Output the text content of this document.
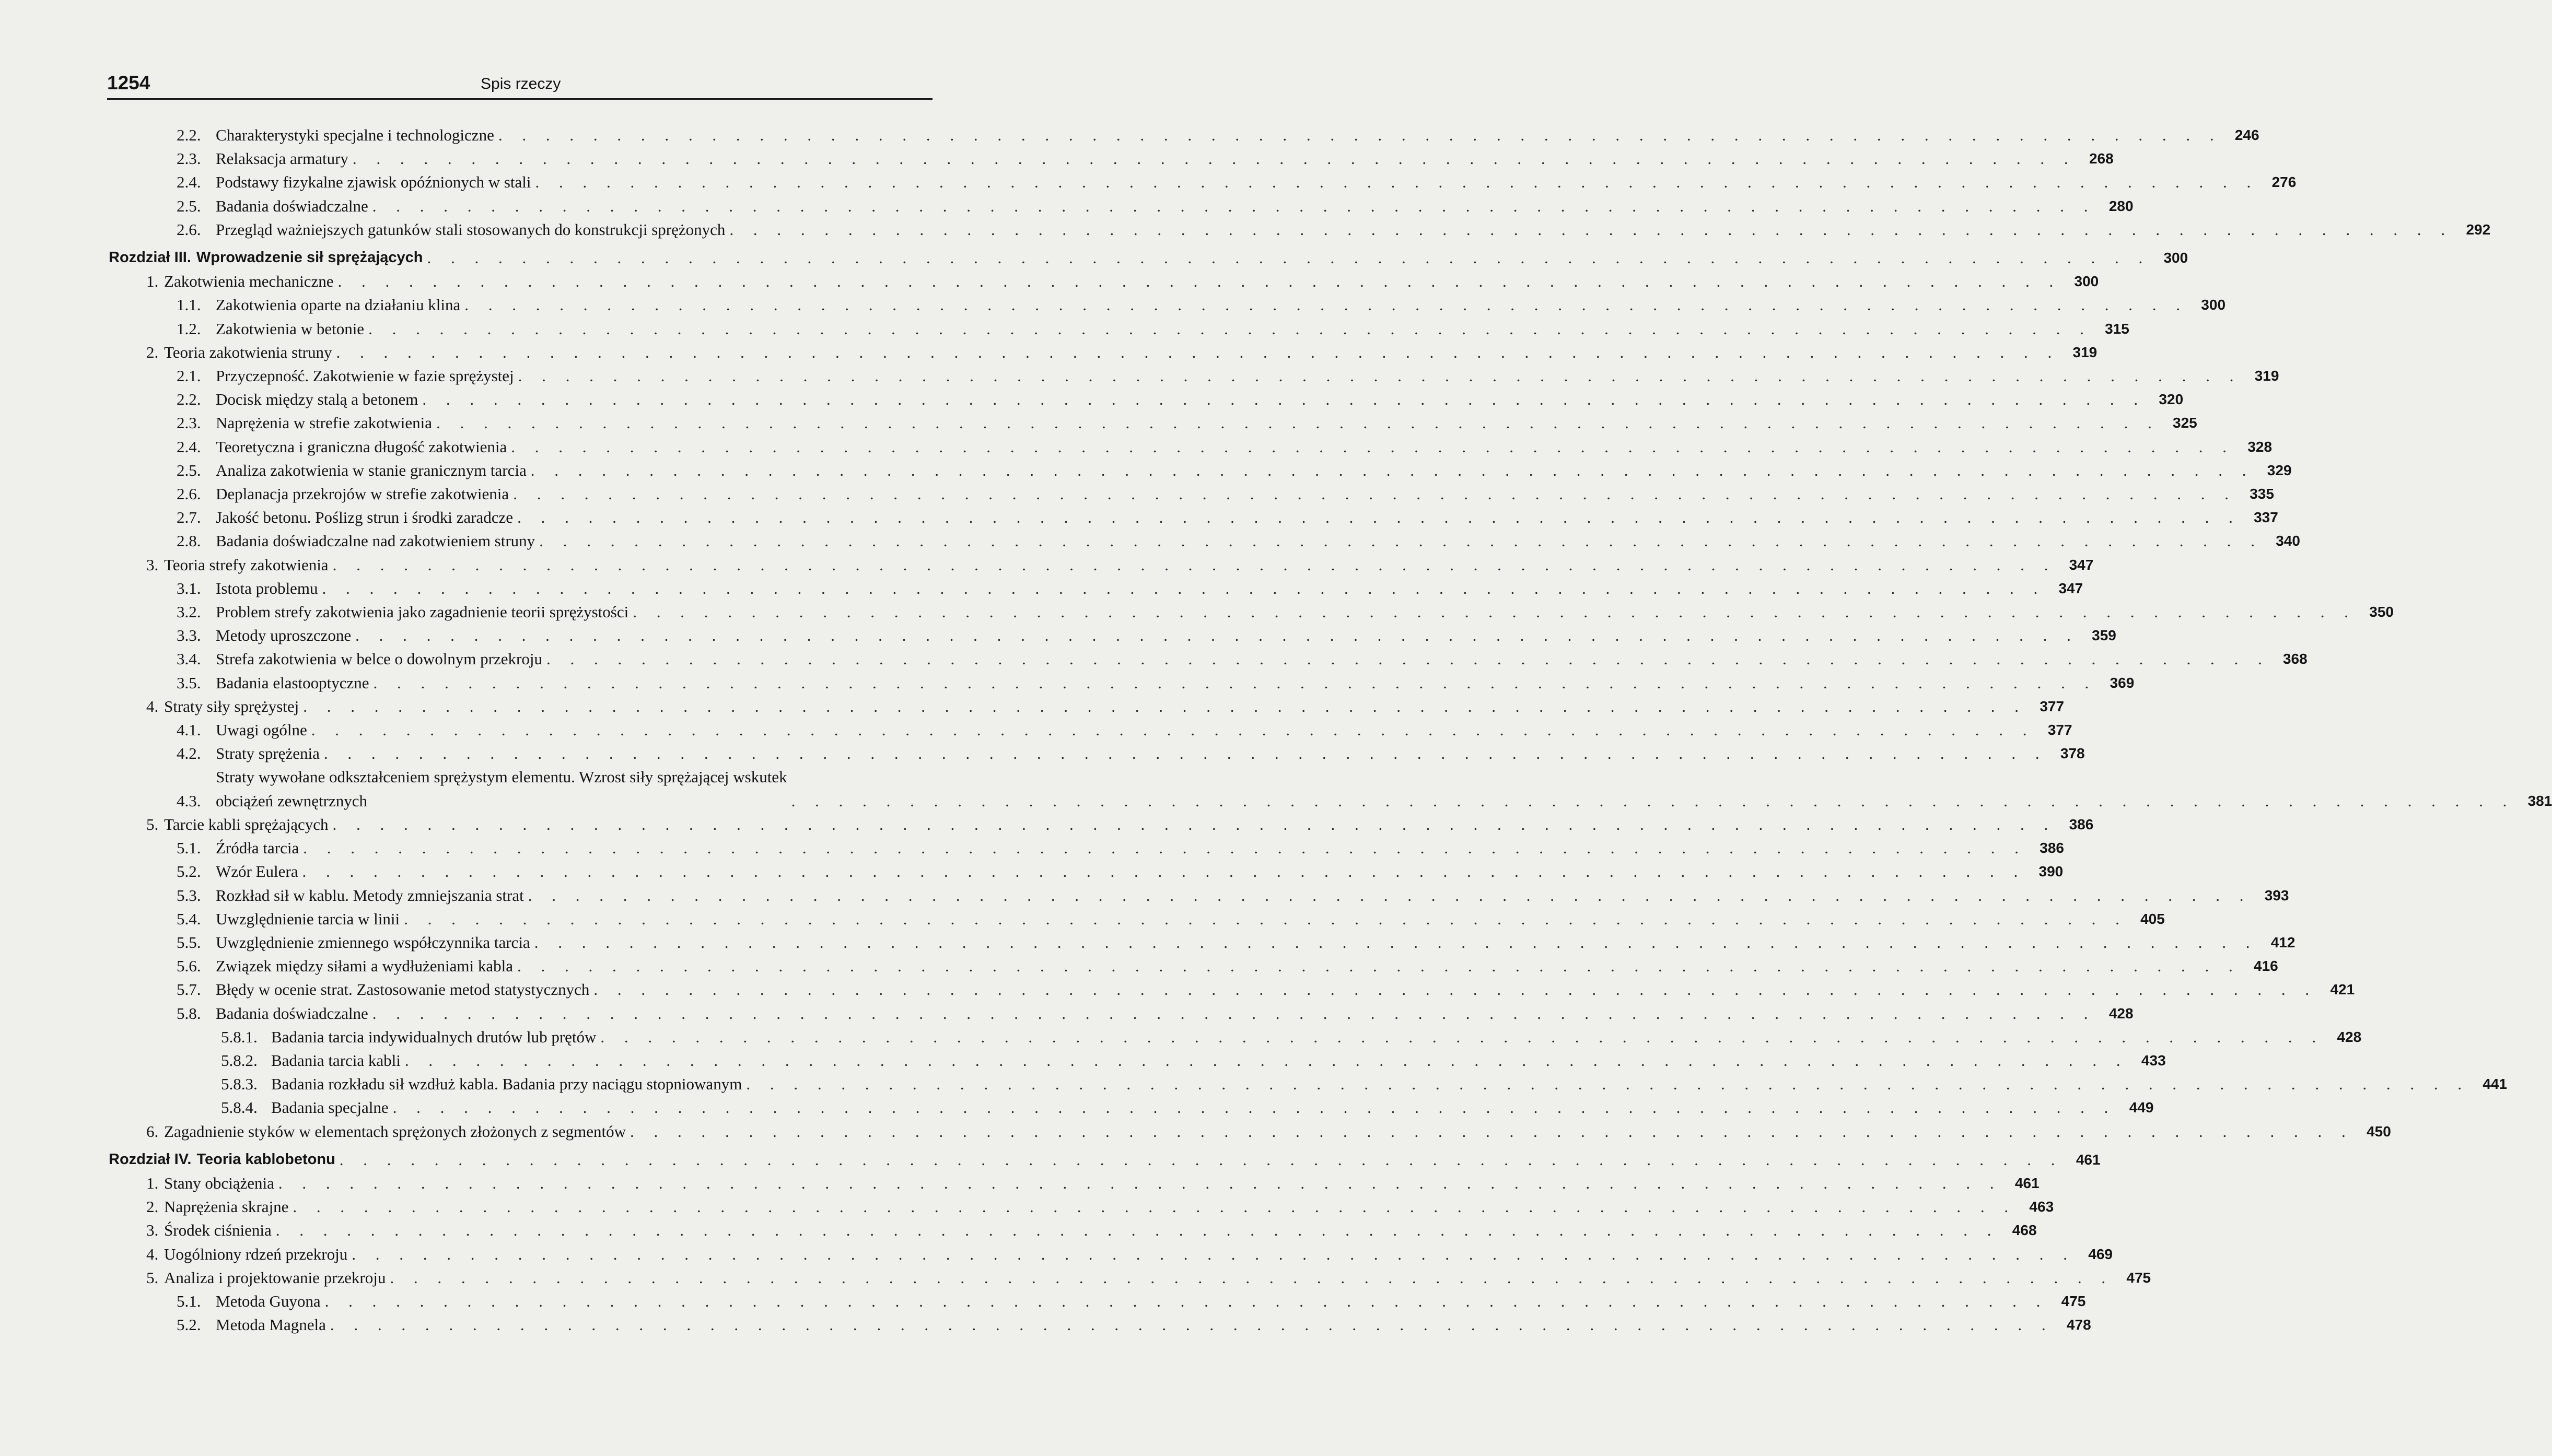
1254	Spis rzeczy
2.2. Charakterystyki specjalne i technologiczne . . . . . . . . . . . . . . . . . . . . . . . . . . . . . . . . . . . . . . . . . . . . . . . . . . . . . . . . . . . . . . . . . . . . . . . . . 246
2.3. Relaksacja armatury . . . . . . . . . . . . . . . . . . . . . . . . . . . . . . . . . . . . . . . . . . . . . . . . . . . . . . . . . . . . . . . . . . . . . . . . . 268
2.4. Podstawy fizykalne zjawisk opóźnionych w stali . . . . . . . . . . . . . . . . . . . . . . . . . . . . . . . . . . . . . . . . . . . . . . . . . . . . . . . . . . . . . . . . . . . . . . . . . 276
2.5. Badania doświadczalne . . . . . . . . . . . . . . . . . . . . . . . . . . . . . . . . . . . . . . . . . . . . . . . . . . . . . . . . . . . . . . . . . . . . . . . . . 280
2.6. Przegląd ważniejszych gatunków stali stosowanych do konstrukcji sprężonych . . . . . . . . . . . . . . . . . . . . . . . . . . . . . . . . . . . . . . . . . . . . . . . . . . . . . . . . . . . . . . . . . . . . . . . . . 292
Rozdział III. Wprowadzenie sił sprężających . . . . . . . . . . . . . . . . . . . . . . . . . . . . . . . . . . . . . . . . . . . . . . . . . . . . . . . . . . . . . . . . . . . . . . . . . 300
1. Zakotwienia mechaniczne . . . . . . . . . . . . . . . . . . . . . . . . . . . . . . . . . . . . . . . . . . . . . . . . . . . . . . . . . . . . . . . . . . . . . . . . . 300
1.1. Zakotwienia oparte na działaniu klina . . . . . . . . . . . . . . . . . . . . . . . . . . . . . . . . . . . . . . . . . . . . . . . . . . . . . . . . . . . . . . . . . . . . . . . . . 300
1.2. Zakotwienia w betonie . . . . . . . . . . . . . . . . . . . . . . . . . . . . . . . . . . . . . . . . . . . . . . . . . . . . . . . . . . . . . . . . . . . . . . . . . 315
2. Teoria zakotwienia struny . . . . . . . . . . . . . . . . . . . . . . . . . . . . . . . . . . . . . . . . . . . . . . . . . . . . . . . . . . . . . . . . . . . . . . . . . 319
2.1. Przyczepność. Zakotwienie w fazie sprężystej . . . . . . . . . . . . . . . . . . . . . . . . . . . . . . . . . . . . . . . . . . . . . . . . . . . . . . . . . . . . . . . . . . . . . . . . . 319
2.2. Docisk między stalą a betonem . . . . . . . . . . . . . . . . . . . . . . . . . . . . . . . . . . . . . . . . . . . . . . . . . . . . . . . . . . . . . . . . . . . . . . . . . 320
2.3. Naprężenia w strefie zakotwienia . . . . . . . . . . . . . . . . . . . . . . . . . . . . . . . . . . . . . . . . . . . . . . . . . . . . . . . . . . . . . . . . . . . . . . . . . 325
2.4. Teoretyczna i graniczna długość zakotwienia . . . . . . . . . . . . . . . . . . . . . . . . . . . . . . . . . . . . . . . . . . . . . . . . . . . . . . . . . . . . . . . . . . . . . . . . . 328
2.5. Analiza zakotwienia w stanie granicznym tarcia . . . . . . . . . . . . . . . . . . . . . . . . . . . . . . . . . . . . . . . . . . . . . . . . . . . . . . . . . . . . . . . . . . . . . . . . . 329
2.6. Deplanacja przekrojów w strefie zakotwienia . . . . . . . . . . . . . . . . . . . . . . . . . . . . . . . . . . . . . . . . . . . . . . . . . . . . . . . . . . . . . . . . . . . . . . . . . 335
2.7. Jakość betonu. Poślizg strun i środki zaradcze . . . . . . . . . . . . . . . . . . . . . . . . . . . . . . . . . . . . . . . . . . . . . . . . . . . . . . . . . . . . . . . . . . . . . . . . . 337
2.8. Badania doświadczalne nad zakotwieniem struny . . . . . . . . . . . . . . . . . . . . . . . . . . . . . . . . . . . . . . . . . . . . . . . . . . . . . . . . . . . . . . . . . . . . . . . . . 340
3. Teoria strefy zakotwienia . . . . . . . . . . . . . . . . . . . . . . . . . . . . . . . . . . . . . . . . . . . . . . . . . . . . . . . . . . . . . . . . . . . . . . . . . 347
3.1. Istota problemu . . . . . . . . . . . . . . . . . . . . . . . . . . . . . . . . . . . . . . . . . . . . . . . . . . . . . . . . . . . . . . . . . . . . . . . . . 347
3.2. Problem strefy zakotwienia jako zagadnienie teorii sprężystości . . . . . . . . . . . . . . . . . . . . . . . . . . . . . . . . . . . . . . . . . . . . . . . . . . . . . . . . . . . . . . . . . . . . . . . . . 350
3.3. Metody uproszczone . . . . . . . . . . . . . . . . . . . . . . . . . . . . . . . . . . . . . . . . . . . . . . . . . . . . . . . . . . . . . . . . . . . . . . . . . 359
3.4. Strefa zakotwienia w belce o dowolnym przekroju . . . . . . . . . . . . . . . . . . . . . . . . . . . . . . . . . . . . . . . . . . . . . . . . . . . . . . . . . . . . . . . . . . . . . . . . . 368
3.5. Badania elastooptyczne . . . . . . . . . . . . . . . . . . . . . . . . . . . . . . . . . . . . . . . . . . . . . . . . . . . . . . . . . . . . . . . . . . . . . . . . . 369
4. Straty siły sprężystej . . . . . . . . . . . . . . . . . . . . . . . . . . . . . . . . . . . . . . . . . . . . . . . . . . . . . . . . . . . . . . . . . . . . . . . . . 377
4.1. Uwagi ogólne . . . . . . . . . . . . . . . . . . . . . . . . . . . . . . . . . . . . . . . . . . . . . . . . . . . . . . . . . . . . . . . . . . . . . . . . . 377
4.2. Straty sprężenia . . . . . . . . . . . . . . . . . . . . . . . . . . . . . . . . . . . . . . . . . . . . . . . . . . . . . . . . . . . . . . . . . . . . . . . . . 378
4.3.
Straty wywołane odkształceniem sprężystym elementu. Wzrost siły sprężającej wskutek
obciążeń zewnętrznych	. . . . . . . . . . . . . . . . . . . . . . . . . . . . . . . . . . . . . . . . . . . . . . . . . . . . . . . . . . . . . . . . . . . . . . . . . 381
5. Tarcie kabli sprężających . . . . . . . . . . . . . . . . . . . . . . . . . . . . . . . . . . . . . . . . . . . . . . . . . . . . . . . . . . . . . . . . . . . . . . . . . 386
5.1. Źródła tarcia . . . . . . . . . . . . . . . . . . . . . . . . . . . . . . . . . . . . . . . . . . . . . . . . . . . . . . . . . . . . . . . . . . . . . . . . . 386
5.2. Wzór Eulera . . . . . . . . . . . . . . . . . . . . . . . . . . . . . . . . . . . . . . . . . . . . . . . . . . . . . . . . . . . . . . . . . . . . . . . . . 390
5.3. Rozkład sił w kablu. Metody zmniejszania strat . . . . . . . . . . . . . . . . . . . . . . . . . . . . . . . . . . . . . . . . . . . . . . . . . . . . . . . . . . . . . . . . . . . . . . . . . 393
5.4. Uwzględnienie tarcia w linii . . . . . . . . . . . . . . . . . . . . . . . . . . . . . . . . . . . . . . . . . . . . . . . . . . . . . . . . . . . . . . . . . . . . . . . . . 405
5.5. Uwzględnienie zmiennego współczynnika tarcia . . . . . . . . . . . . . . . . . . . . . . . . . . . . . . . . . . . . . . . . . . . . . . . . . . . . . . . . . . . . . . . . . . . . . . . . . 412
5.6. Związek między siłami a wydłużeniami kabla . . . . . . . . . . . . . . . . . . . . . . . . . . . . . . . . . . . . . . . . . . . . . . . . . . . . . . . . . . . . . . . . . . . . . . . . . 416
5.7. Błędy w ocenie strat. Zastosowanie metod statystycznych . . . . . . . . . . . . . . . . . . . . . . . . . . . . . . . . . . . . . . . . . . . . . . . . . . . . . . . . . . . . . . . . . . . . . . . . . 421
5.8. Badania doświadczalne . . . . . . . . . . . . . . . . . . . . . . . . . . . . . . . . . . . . . . . . . . . . . . . . . . . . . . . . . . . . . . . . . . . . . . . . . 428
5.8.1. Badania tarcia indywidualnych drutów lub prętów . . . . . . . . . . . . . . . . . . . . . . . . . . . . . . . . . . . . . . . . . . . . . . . . . . . . . . . . . . . . . . . . . . . . . . . . . 428
5.8.2. Badania tarcia kabli . . . . . . . . . . . . . . . . . . . . . . . . . . . . . . . . . . . . . . . . . . . . . . . . . . . . . . . . . . . . . . . . . . . . . . . . . 433
5.8.3. Badania rozkładu sił wzdłuż kabla. Badania przy naciągu stopniowanym . . . . . . . . . . . . . . . . . . . . . . . . . . . . . . . . . . . . . . . . . . . . . . . . . . . . . . . . . . . . . . . . . . . . . . . . . 441
5.8.4. Badania specjalne . . . . . . . . . . . . . . . . . . . . . . . . . . . . . . . . . . . . . . . . . . . . . . . . . . . . . . . . . . . . . . . . . . . . . . . . . 449
6. Zagadnienie styków w elementach sprężonych złożonych z segmentów . . . . . . . . . . . . . . . . . . . . . . . . . . . . . . . . . . . . . . . . . . . . . . . . . . . . . . . . . . . . . . . . . . . . . . . . . 450
Rozdział IV. Teoria kablobetonu . . . . . . . . . . . . . . . . . . . . . . . . . . . . . . . . . . . . . . . . . . . . . . . . . . . . . . . . . . . . . . . . . . . . . . . . . 461
1. Stany obciążenia . . . . . . . . . . . . . . . . . . . . . . . . . . . . . . . . . . . . . . . . . . . . . . . . . . . . . . . . . . . . . . . . . . . . . . . . . 461
2. Naprężenia skrajne . . . . . . . . . . . . . . . . . . . . . . . . . . . . . . . . . . . . . . . . . . . . . . . . . . . . . . . . . . . . . . . . . . . . . . . . . 463
3. Środek ciśnienia . . . . . . . . . . . . . . . . . . . . . . . . . . . . . . . . . . . . . . . . . . . . . . . . . . . . . . . . . . . . . . . . . . . . . . . . . 468
4. Uogólniony rdzeń przekroju . . . . . . . . . . . . . . . . . . . . . . . . . . . . . . . . . . . . . . . . . . . . . . . . . . . . . . . . . . . . . . . . . . . . . . . . . 469
5. Analiza i projektowanie przekroju . . . . . . . . . . . . . . . . . . . . . . . . . . . . . . . . . . . . . . . . . . . . . . . . . . . . . . . . . . . . . . . . . . . . . . . . . 475
5.1. Metoda Guyona . . . . . . . . . . . . . . . . . . . . . . . . . . . . . . . . . . . . . . . . . . . . . . . . . . . . . . . . . . . . . . . . . . . . . . . . . 475
5.2. Metoda Magnela . . . . . . . . . . . . . . . . . . . . . . . . . . . . . . . . . . . . . . . . . . . . . . . . . . . . . . . . . . . . . . . . . . . . . . . . . 478
